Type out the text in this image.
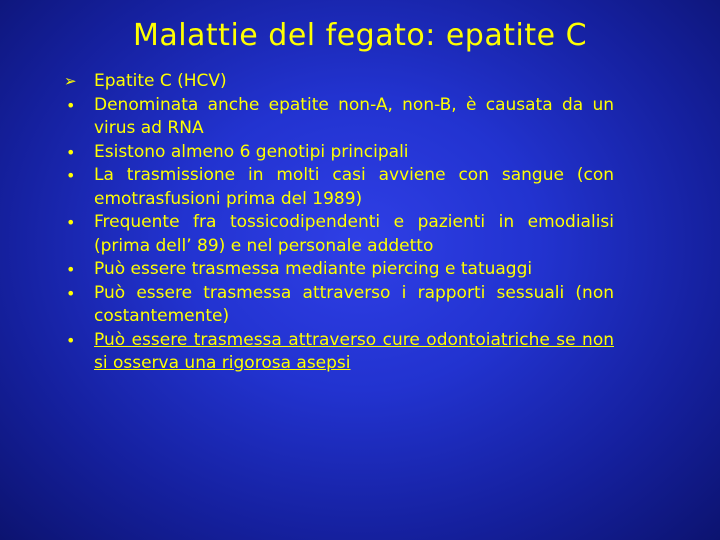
Malattie del fegato: epatite C
➢	Epatite C (HCV)
•	Denominata anche epatite non-A, non-B, è causata da un virus ad RNA
•	Esistono almeno 6 genotipi principali
•	La trasmissione in molti casi avviene con sangue (con emotrasfusioni prima del 1989)
•	Frequente fra tossicodipendenti e pazienti in emodialisi (prima dell’ 89) e nel personale addetto
•	Può essere trasmessa mediante piercing e tatuaggi
•	Può essere trasmessa attraverso i rapporti sessuali (non costantemente)
•	Può essere trasmessa attraverso cure odontoiatriche se non si osserva una rigorosa asepsi
